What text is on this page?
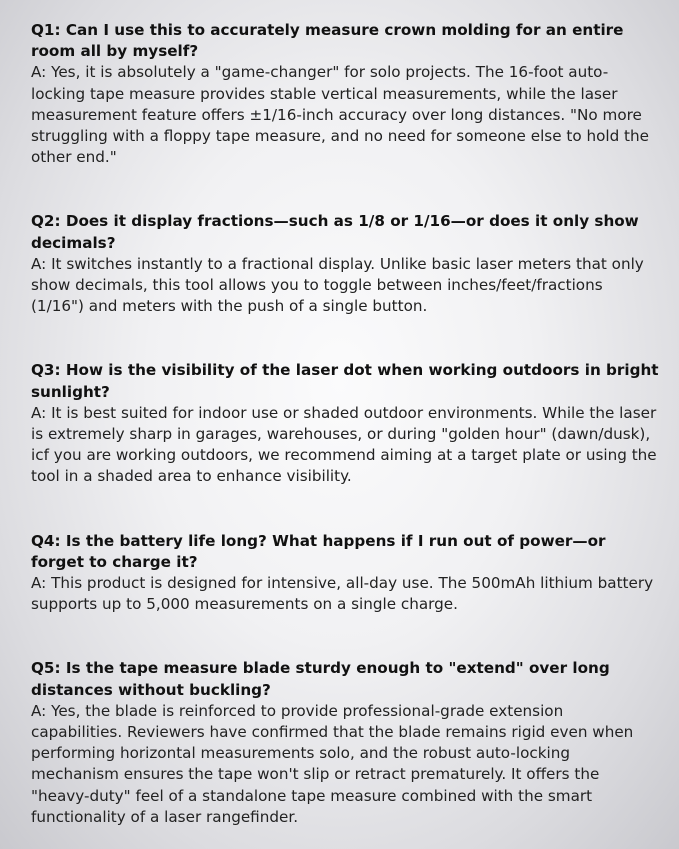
Q1: Can I use this to accurately measure crown molding for an entire room all by myself?

A: Yes, it is absolutely a "game-changer" for solo projects. The 16-foot auto-locking tape measure provides stable vertical measurements, while the laser measurement feature offers ±1/16-inch accuracy over long distances. "No more struggling with a floppy tape measure, and no need for someone else to hold the other end."

Q2: Does it display fractions—such as 1/8 or 1/16—or does it only show decimals?

A: It switches instantly to a fractional display. Unlike basic laser meters that only show decimals, this tool allows you to toggle between inches/feet/fractions (1/16") and meters with the push of a single button.

Q3: How is the visibility of the laser dot when working outdoors in bright sunlight?

A: It is best suited for indoor use or shaded outdoor environments. While the laser is extremely sharp in garages, warehouses, or during "golden hour" (dawn/dusk), icf you are working outdoors, we recommend aiming at a target plate or using the tool in a shaded area to enhance visibility.

Q4: Is the battery life long? What happens if I run out of power—or forget to charge it?

A: This product is designed for intensive, all-day use. The 500mAh lithium battery supports up to 5,000 measurements on a single charge.

Q5: Is the tape measure blade sturdy enough to "extend" over long distances without buckling?

A: Yes, the blade is reinforced to provide professional-grade extension capabilities. Reviewers have confirmed that the blade remains rigid even when performing horizontal measurements solo, and the robust auto-locking mechanism ensures the tape won't slip or retract prematurely. It offers the "heavy-duty" feel of a standalone tape measure combined with the smart functionality of a laser rangefinder.
